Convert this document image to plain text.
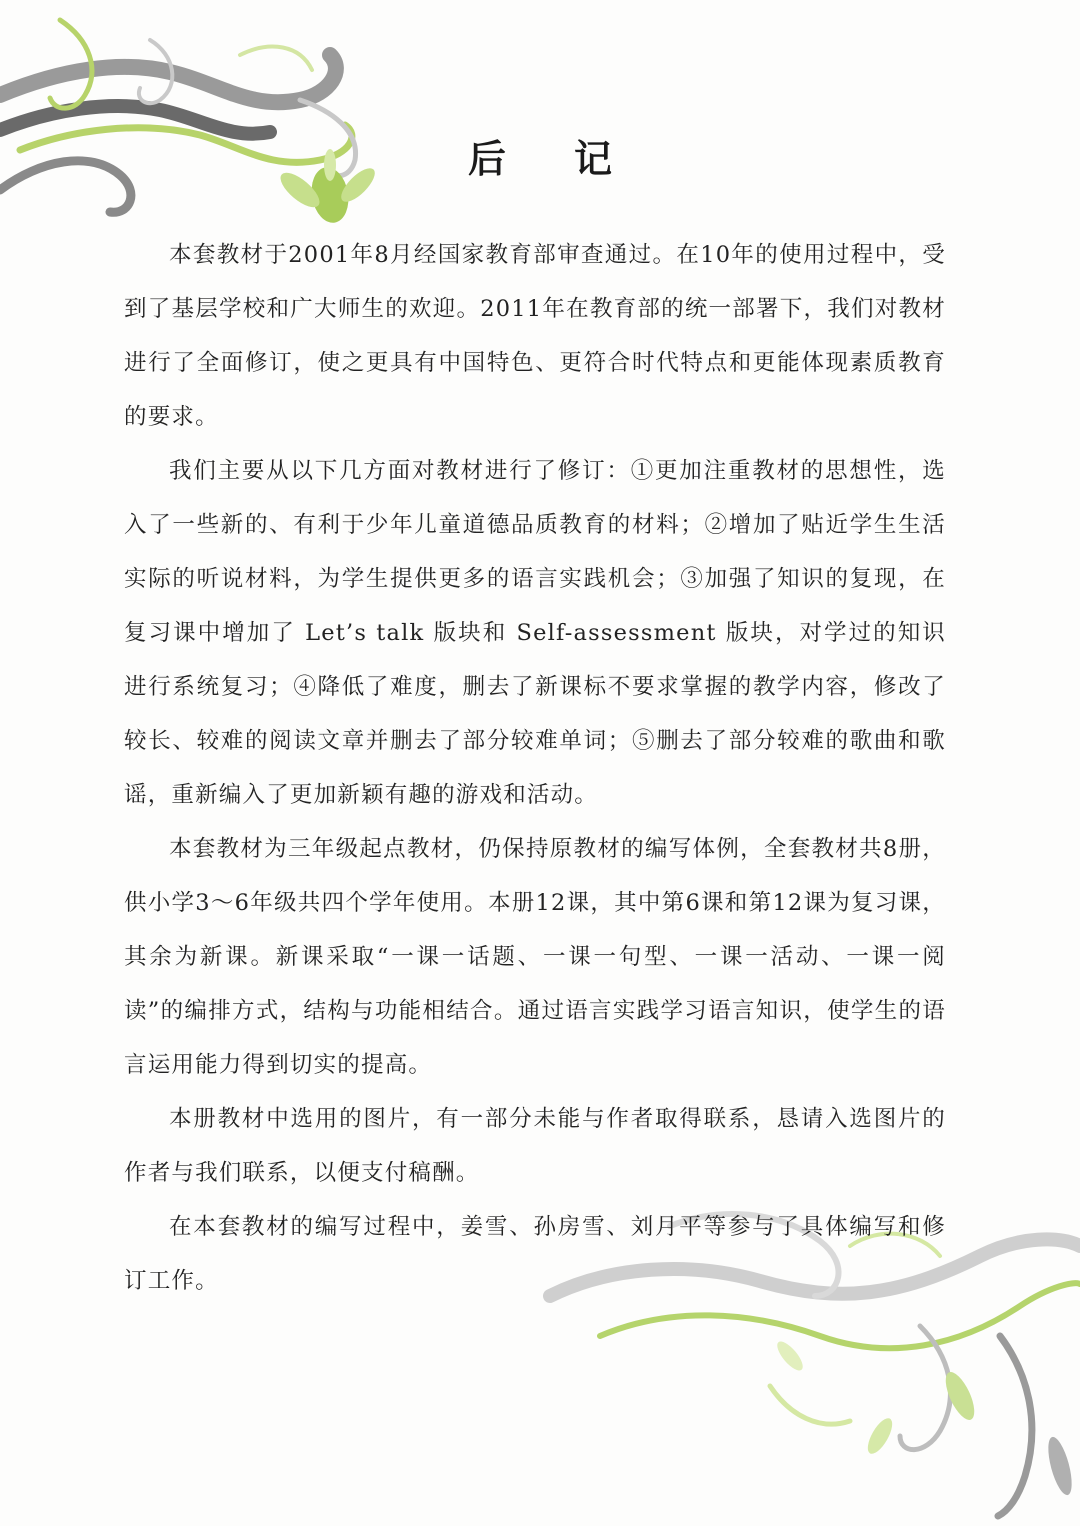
后 记

本套教材于2001年8月经国家教育部审查通过。在10年的使用过程中，受到了基层学校和广大师生的欢迎。2011年在教育部的统一部署下，我们对教材进行了全面修订，使之更具有中国特色、更符合时代特点和更能体现素质教育的要求。

我们主要从以下几方面对教材进行了修订：①更加注重教材的思想性，选入了一些新的、有利于少年儿童道德品质教育的材料；②增加了贴近学生生活实际的听说材料，为学生提供更多的语言实践机会；③加强了知识的复现，在复习课中增加了 Let’s talk 版块和 Self-assessment 版块，对学过的知识进行系统复习；④降低了难度，删去了新课标不要求掌握的教学内容，修改了较长、较难的阅读文章并删去了部分较难单词；⑤删去了部分较难的歌曲和歌谣，重新编入了更加新颖有趣的游戏和活动。

本套教材为三年级起点教材，仍保持原教材的编写体例，全套教材共8册，供小学3～6年级共四个学年使用。本册12课，其中第6课和第12课为复习课，其余为新课。新课采取“一课一话题、一课一句型、一课一活动、一课一阅读”的编排方式，结构与功能相结合。通过语言实践学习语言知识，使学生的语言运用能力得到切实的提高。

本册教材中选用的图片，有一部分未能与作者取得联系，恳请入选图片的作者与我们联系，以便支付稿酬。

在本套教材的编写过程中，姜雪、孙房雪、刘月平等参与了具体编写和修订工作。
